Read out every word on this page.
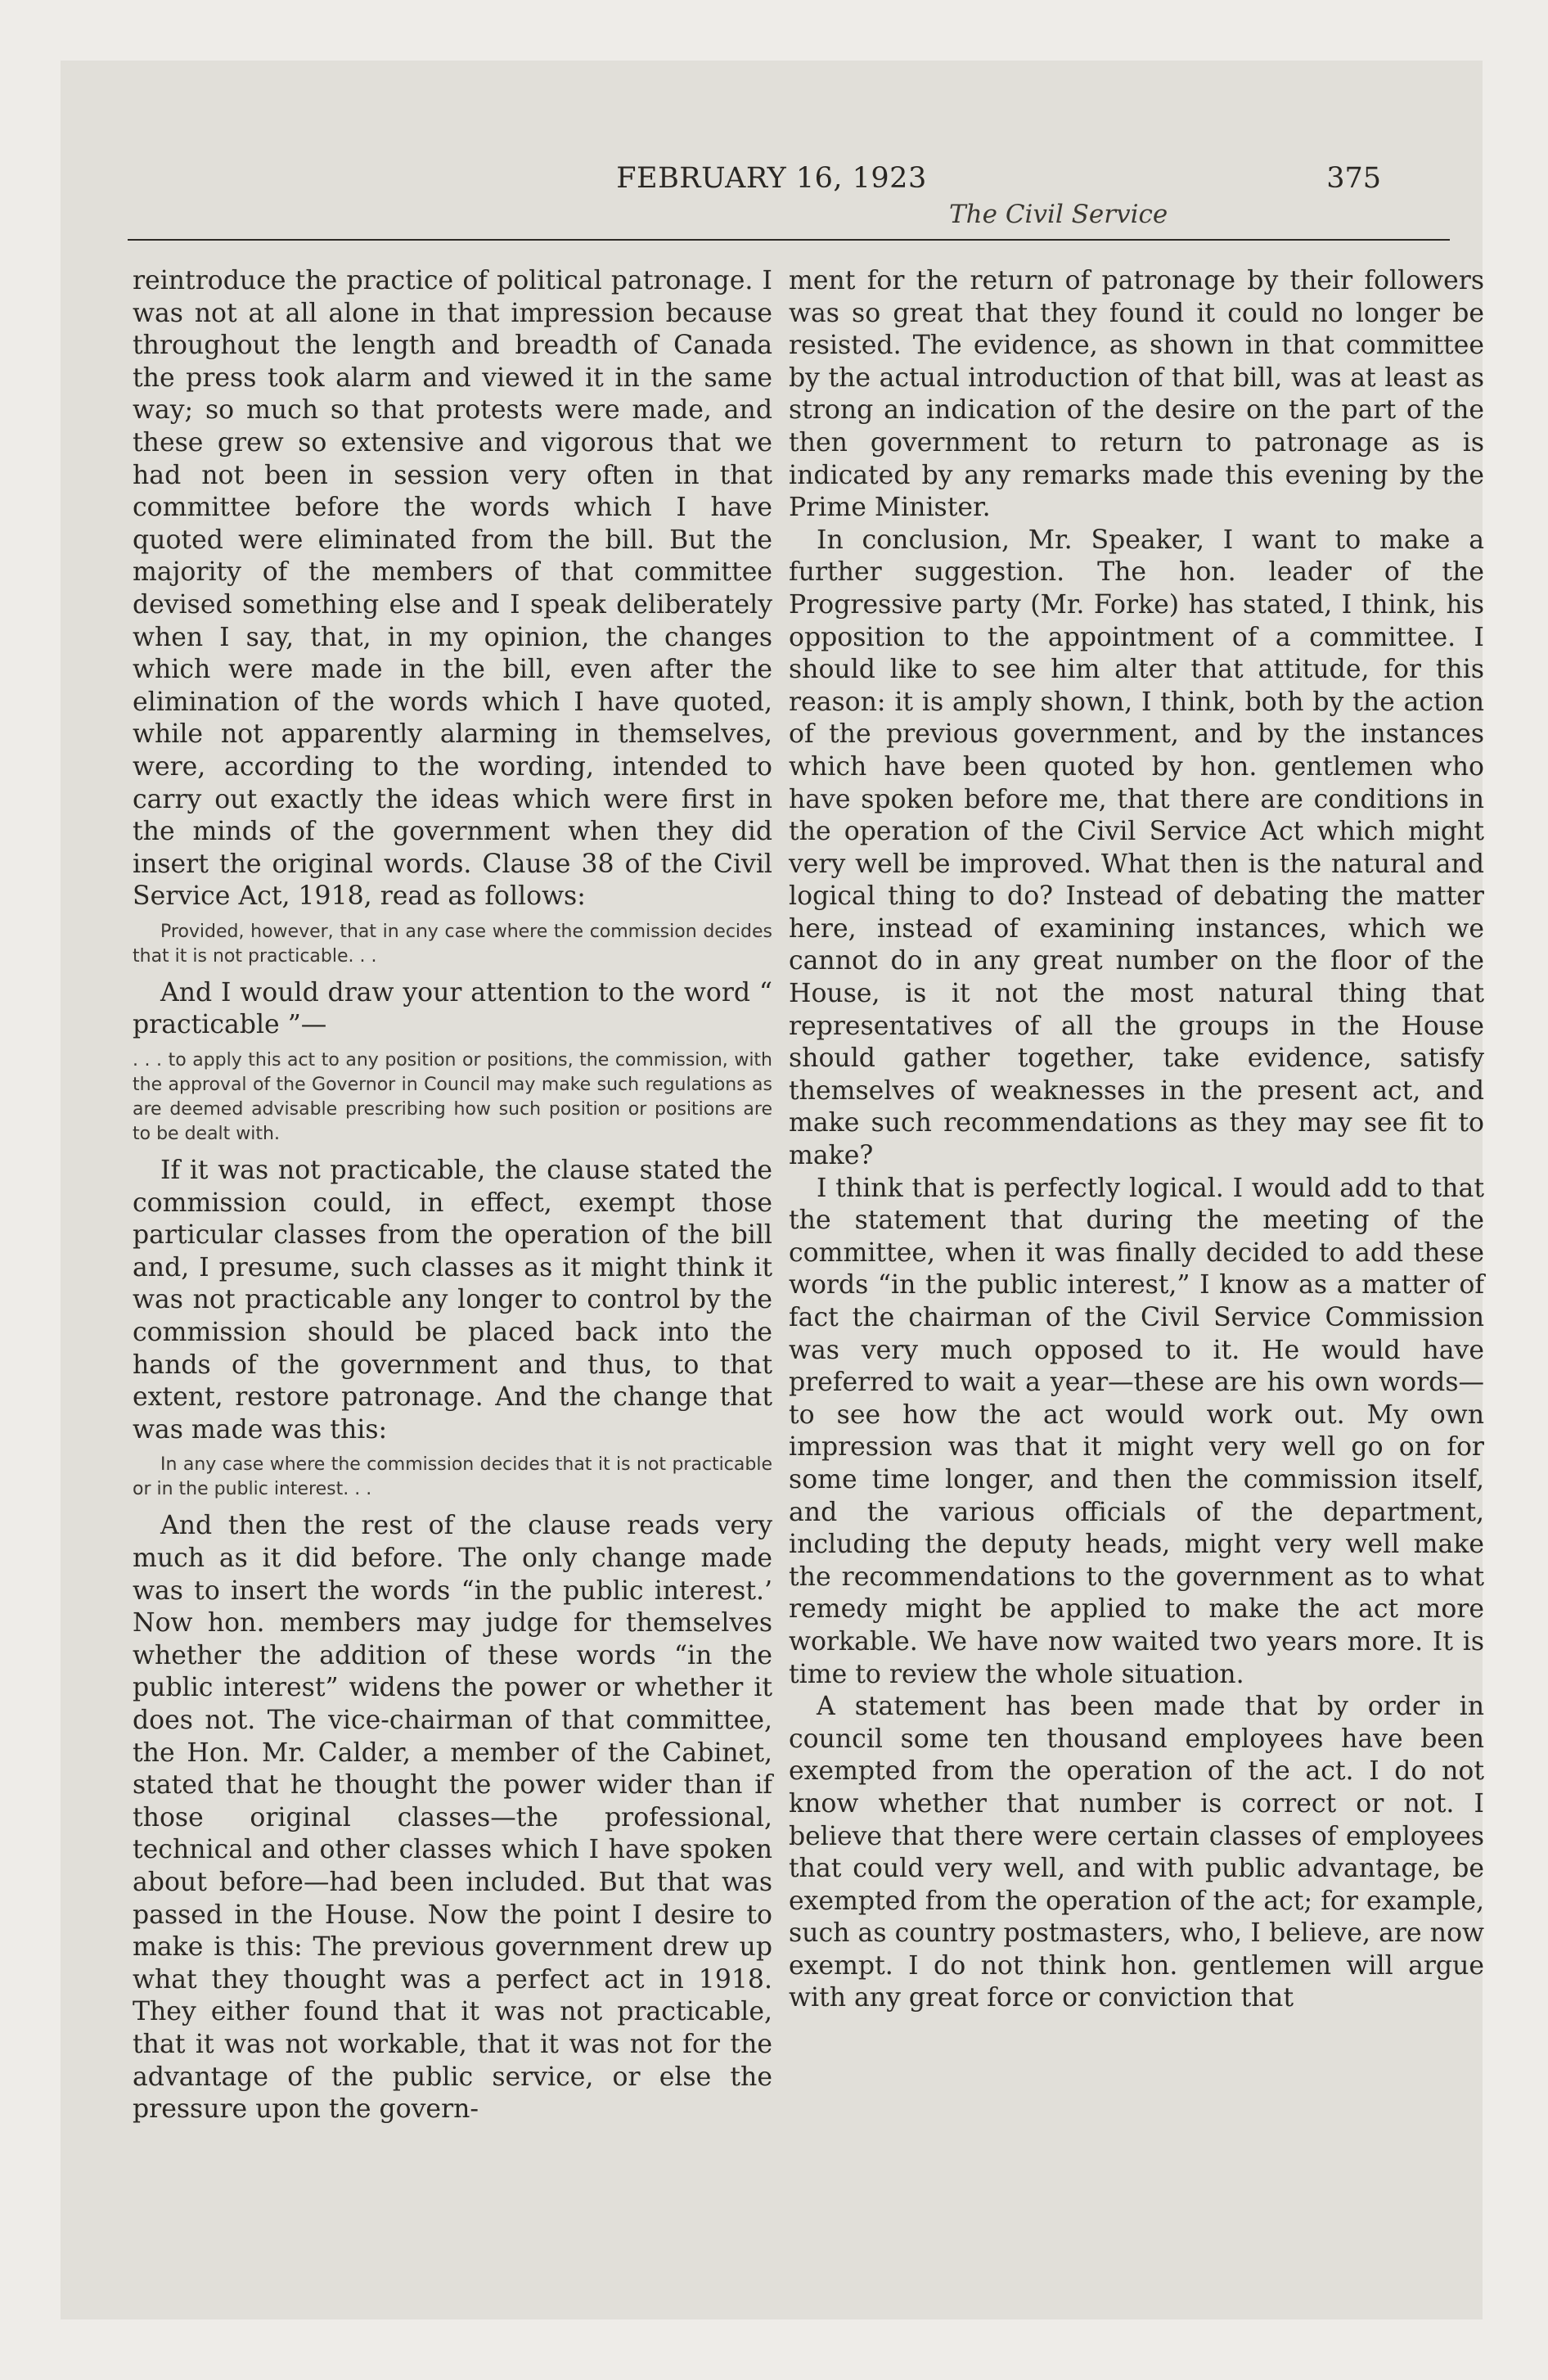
FEBRUARY 16, 1923	375
The Civil Service

reintroduce the practice of political patronage. I was not at all alone in that impression because throughout the length and breadth of Canada the press took alarm and viewed it in the same way; so much so that protests were made, and these grew so extensive and vigorous that we had not been in session very often in that committee before the words which I have quoted were eliminated from the bill. But the majority of the members of that committee devised something else and I speak deliberately when I say, that, in my opinion, the changes which were made in the bill, even after the elimination of the words which I have quoted, while not apparently alarming in themselves, were, according to the wording, intended to carry out exactly the ideas which were first in the minds of the government when they did insert the original words. Clause 38 of the Civil Service Act, 1918, read as follows:

Provided, however, that in any case where the commission decides that it is not practicable. . .

And I would draw your attention to the word “ practicable ”—

. . . to apply this act to any position or positions, the commission, with the approval of the Governor in Council may make such regulations as are deemed advisable prescribing how such position or positions are to be dealt with.

If it was not practicable, the clause stated the commission could, in effect, exempt those particular classes from the operation of the bill and, I presume, such classes as it might think it was not practicable any longer to control by the commission should be placed back into the hands of the government and thus, to that extent, restore patronage. And the change that was made was this:

In any case where the commission decides that it is not practicable or in the public interest. . .

And then the rest of the clause reads very much as it did before. The only change made was to insert the words “in the public interest.’ Now hon. members may judge for themselves whether the addition of these words “in the public interest” widens the power or whether it does not. The vice-chairman of that committee, the Hon. Mr. Calder, a member of the Cabinet, stated that he thought the power wider than if those original classes—the professional, technical and other classes which I have spoken about before—had been included. But that was passed in the House. Now the point I desire to make is this: The previous government drew up what they thought was a perfect act in 1918. They either found that it was not practicable, that it was not workable, that it was not for the advantage of the public service, or else the pressure upon the govern-

ment for the return of patronage by their followers was so great that they found it could no longer be resisted. The evidence, as shown in that committee by the actual introduction of that bill, was at least as strong an indication of the desire on the part of the then government to return to patronage as is indicated by any remarks made this evening by the Prime Minister.

In conclusion, Mr. Speaker, I want to make a further suggestion. The hon. leader of the Progressive party (Mr. Forke) has stated, I think, his opposition to the appointment of a committee. I should like to see him alter that attitude, for this reason: it is amply shown, I think, both by the action of the previous government, and by the instances which have been quoted by hon. gentlemen who have spoken before me, that there are conditions in the operation of the Civil Service Act which might very well be improved. What then is the natural and logical thing to do? Instead of debating the matter here, instead of examining instances, which we cannot do in any great number on the floor of the House, is it not the most natural thing that representatives of all the groups in the House should gather together, take evidence, satisfy themselves of weaknesses in the present act, and make such recommendations as they may see fit to make?

I think that is perfectly logical. I would add to that the statement that during the meeting of the committee, when it was finally decided to add these words “in the public interest,” I know as a matter of fact the chairman of the Civil Service Commission was very much opposed to it. He would have preferred to wait a year—these are his own words—to see how the act would work out. My own impression was that it might very well go on for some time longer, and then the commission itself, and the various officials of the department, including the deputy heads, might very well make the recommendations to the government as to what remedy might be applied to make the act more workable. We have now waited two years more. It is time to review the whole situation.

A statement has been made that by order in council some ten thousand employees have been exempted from the operation of the act. I do not know whether that number is correct or not. I believe that there were certain classes of employees that could very well, and with public advantage, be exempted from the operation of the act; for example, such as country postmasters, who, I believe, are now exempt. I do not think hon. gentlemen will argue with any great force or conviction that
